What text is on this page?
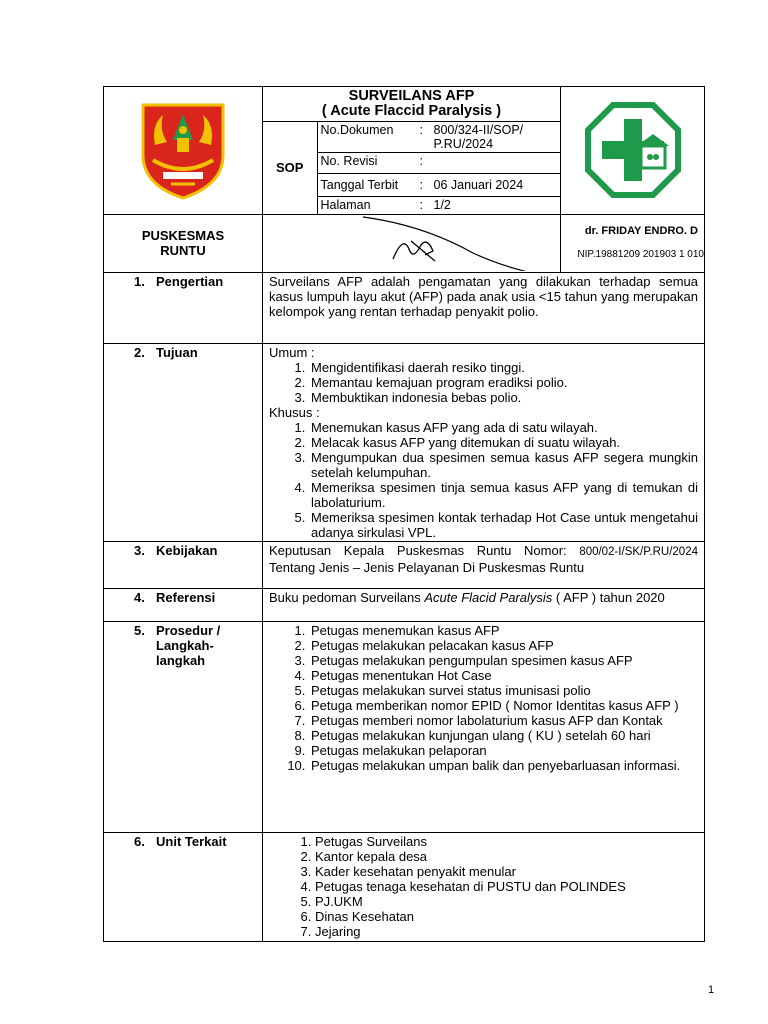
SURVEILANS AFP
( Acute Flaccid Paralysis )
SOP	
No.Dokumen	:	800/324-II/SOP/
P.RU/2024
No. Revisi	:	
Tanggal Terbit	:	06 Januari 2024
Halaman	:	1/2

PUSKESMAS
RUNTU

dr. FRIDAY ENDRO. D
NIP.19881209 201903 1 010

1. Pengertian	Surveilans AFP adalah pengamatan yang dilakukan terhadap semua kasus lumpuh layu akut (AFP) pada anak usia <15 tahun yang merupakan kelompok yang rentan terhadap penyakit polio.
2. Tujuan	Umum :
1. Mengidentifikasi daerah resiko tinggi.
2. Memantau kemajuan program eradiksi polio.
3. Membuktikan indonesia bebas polio.
Khusus :
1. Menemukan kasus AFP yang ada di satu wilayah.
2. Melacak kasus AFP yang ditemukan di suatu wilayah.
3. Mengumpukan dua spesimen semua kasus AFP segera mungkin setelah kelumpuhan.
4. Memeriksa spesimen tinja semua kasus AFP yang di temukan di labolaturium.
5. Memeriksa spesimen kontak terhadap Hot Case untuk mengetahui adanya sirkulasi VPL.

3. Kebijakan	Keputusan Kepala Puskesmas Runtu Nomor: 800/02-I/SK/P.RU/2024 Tentang Jenis – Jenis Pelayanan Di Puskesmas Runtu
4. Referensi	Buku pedoman Surveilans Acute Flacid Paralysis ( AFP ) tahun 2020
5. Prosedur /
Langkah-
langkah	
1. Petugas menemukan kasus AFP
2. Petugas melakukan pelacakan kasus AFP
3. Petugas melakukan pengumpulan spesimen kasus AFP
4. Petugas menentukan Hot Case
5. Petugas melakukan survei status imunisasi polio
6. Petuga memberikan nomor EPID ( Nomor Identitas kasus AFP )
7. Petugas memberi nomor labolaturium kasus AFP dan Kontak
8. Petugas melakukan kunjungan ulang ( KU ) setelah 60 hari
9. Petugas melakukan pelaporan
10. Petugas melakukan umpan balik dan penyebarluasan informasi.

6. Unit Terkait	
1.Petugas Surveilans
2. Kantor kepala desa
3. Kader kesehatan penyakit menular
4. Petugas tenaga kesehatan di PUSTU dan POLINDES
5. PJ.UKM
6. Dinas Kesehatan
7. Jejaring
1
